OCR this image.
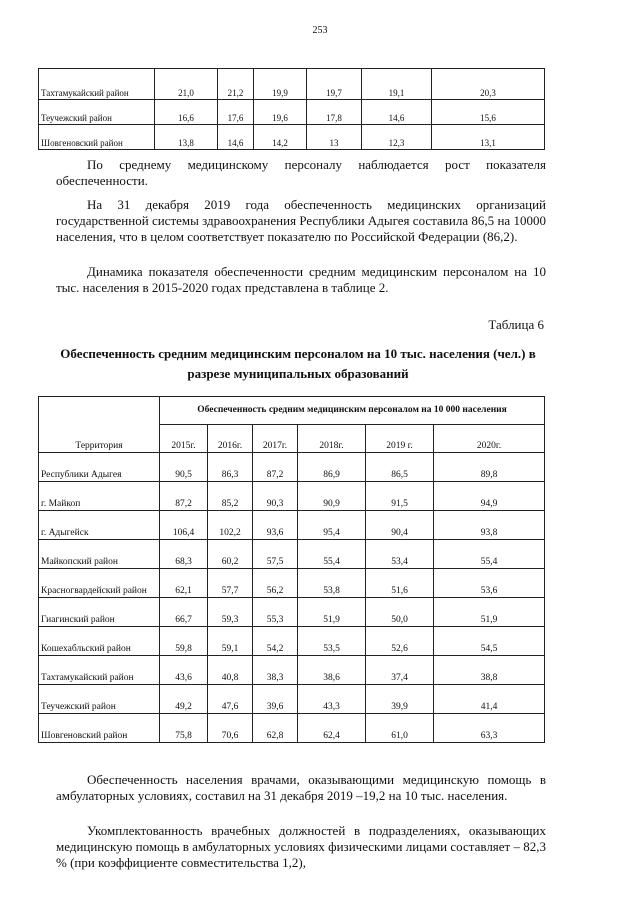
253
Тахтамукайский район	21,0	21,2	19,9	19,7	19,1	20,3
Теучежский район	16,6	17,6	19,6	17,8	14,6	15,6
Шовгеновский район	13,8	14,6	14,2	13	12,3	13,1

По среднему медицинскому персоналу наблюдается рост показателя обеспеченности.

На 31 декабря 2019 года обеспеченность медицинских организаций государственной системы здравоохранения Республики Адыгея составила 86,5 на 10000 населения, что в целом соответствует показателю по Российской Федерации (86,2).

Динамика показателя обеспеченности средним медицинским персоналом на 10 тыс. населения в 2015-2020 годах представлена в таблице 2.

Таблица 6

Обеспеченность средним медицинским персоналом на 10 тыс. населения (чел.) в разрезе муниципальных образований

Территория	Обеспеченность средним медицинским персоналом на 10 000 населения					
	2015г.	2016г.	2017г.	2018г.	2019 г.	2020г.
Республики Адыгея	90,5	86,3	87,2	86,9	86,5	89,8
г. Майкоп	87,2	85,2	90,3	90,9	91,5	94,9
г. Адыгейск	106,4	102,2	93,6	95,4	90,4	93,8
Майкопский район	68,3	60,2	57,5	55,4	53,4	55,4
Красногвардейский район	62,1	57,7	56,2	53,8	51,6	53,6
Гиагинский район	66,7	59,3	55,3	51,9	50,0	51,9
Кошехабльский район	59,8	59,1	54,2	53,5	52,6	54,5
Тахтамукайский район	43,6	40,8	38,3	38,6	37,4	38,8
Теучежский район	49,2	47,6	39,6	43,3	39,9	41,4
Шовгеновский район	75,8	70,6	62,8	62,4	61,0	63,3

Обеспеченность населения врачами, оказывающими медицинскую помощь в амбулаторных условиях, составил на 31 декабря 2019 –19,2 на 10 тыс. населения.

Укомплектованность врачебных должностей в подразделениях, оказывающих медицинскую помощь в амбулаторных условиях физическими лицами составляет – 82,3 % (при коэффициенте совместительства 1,2),
